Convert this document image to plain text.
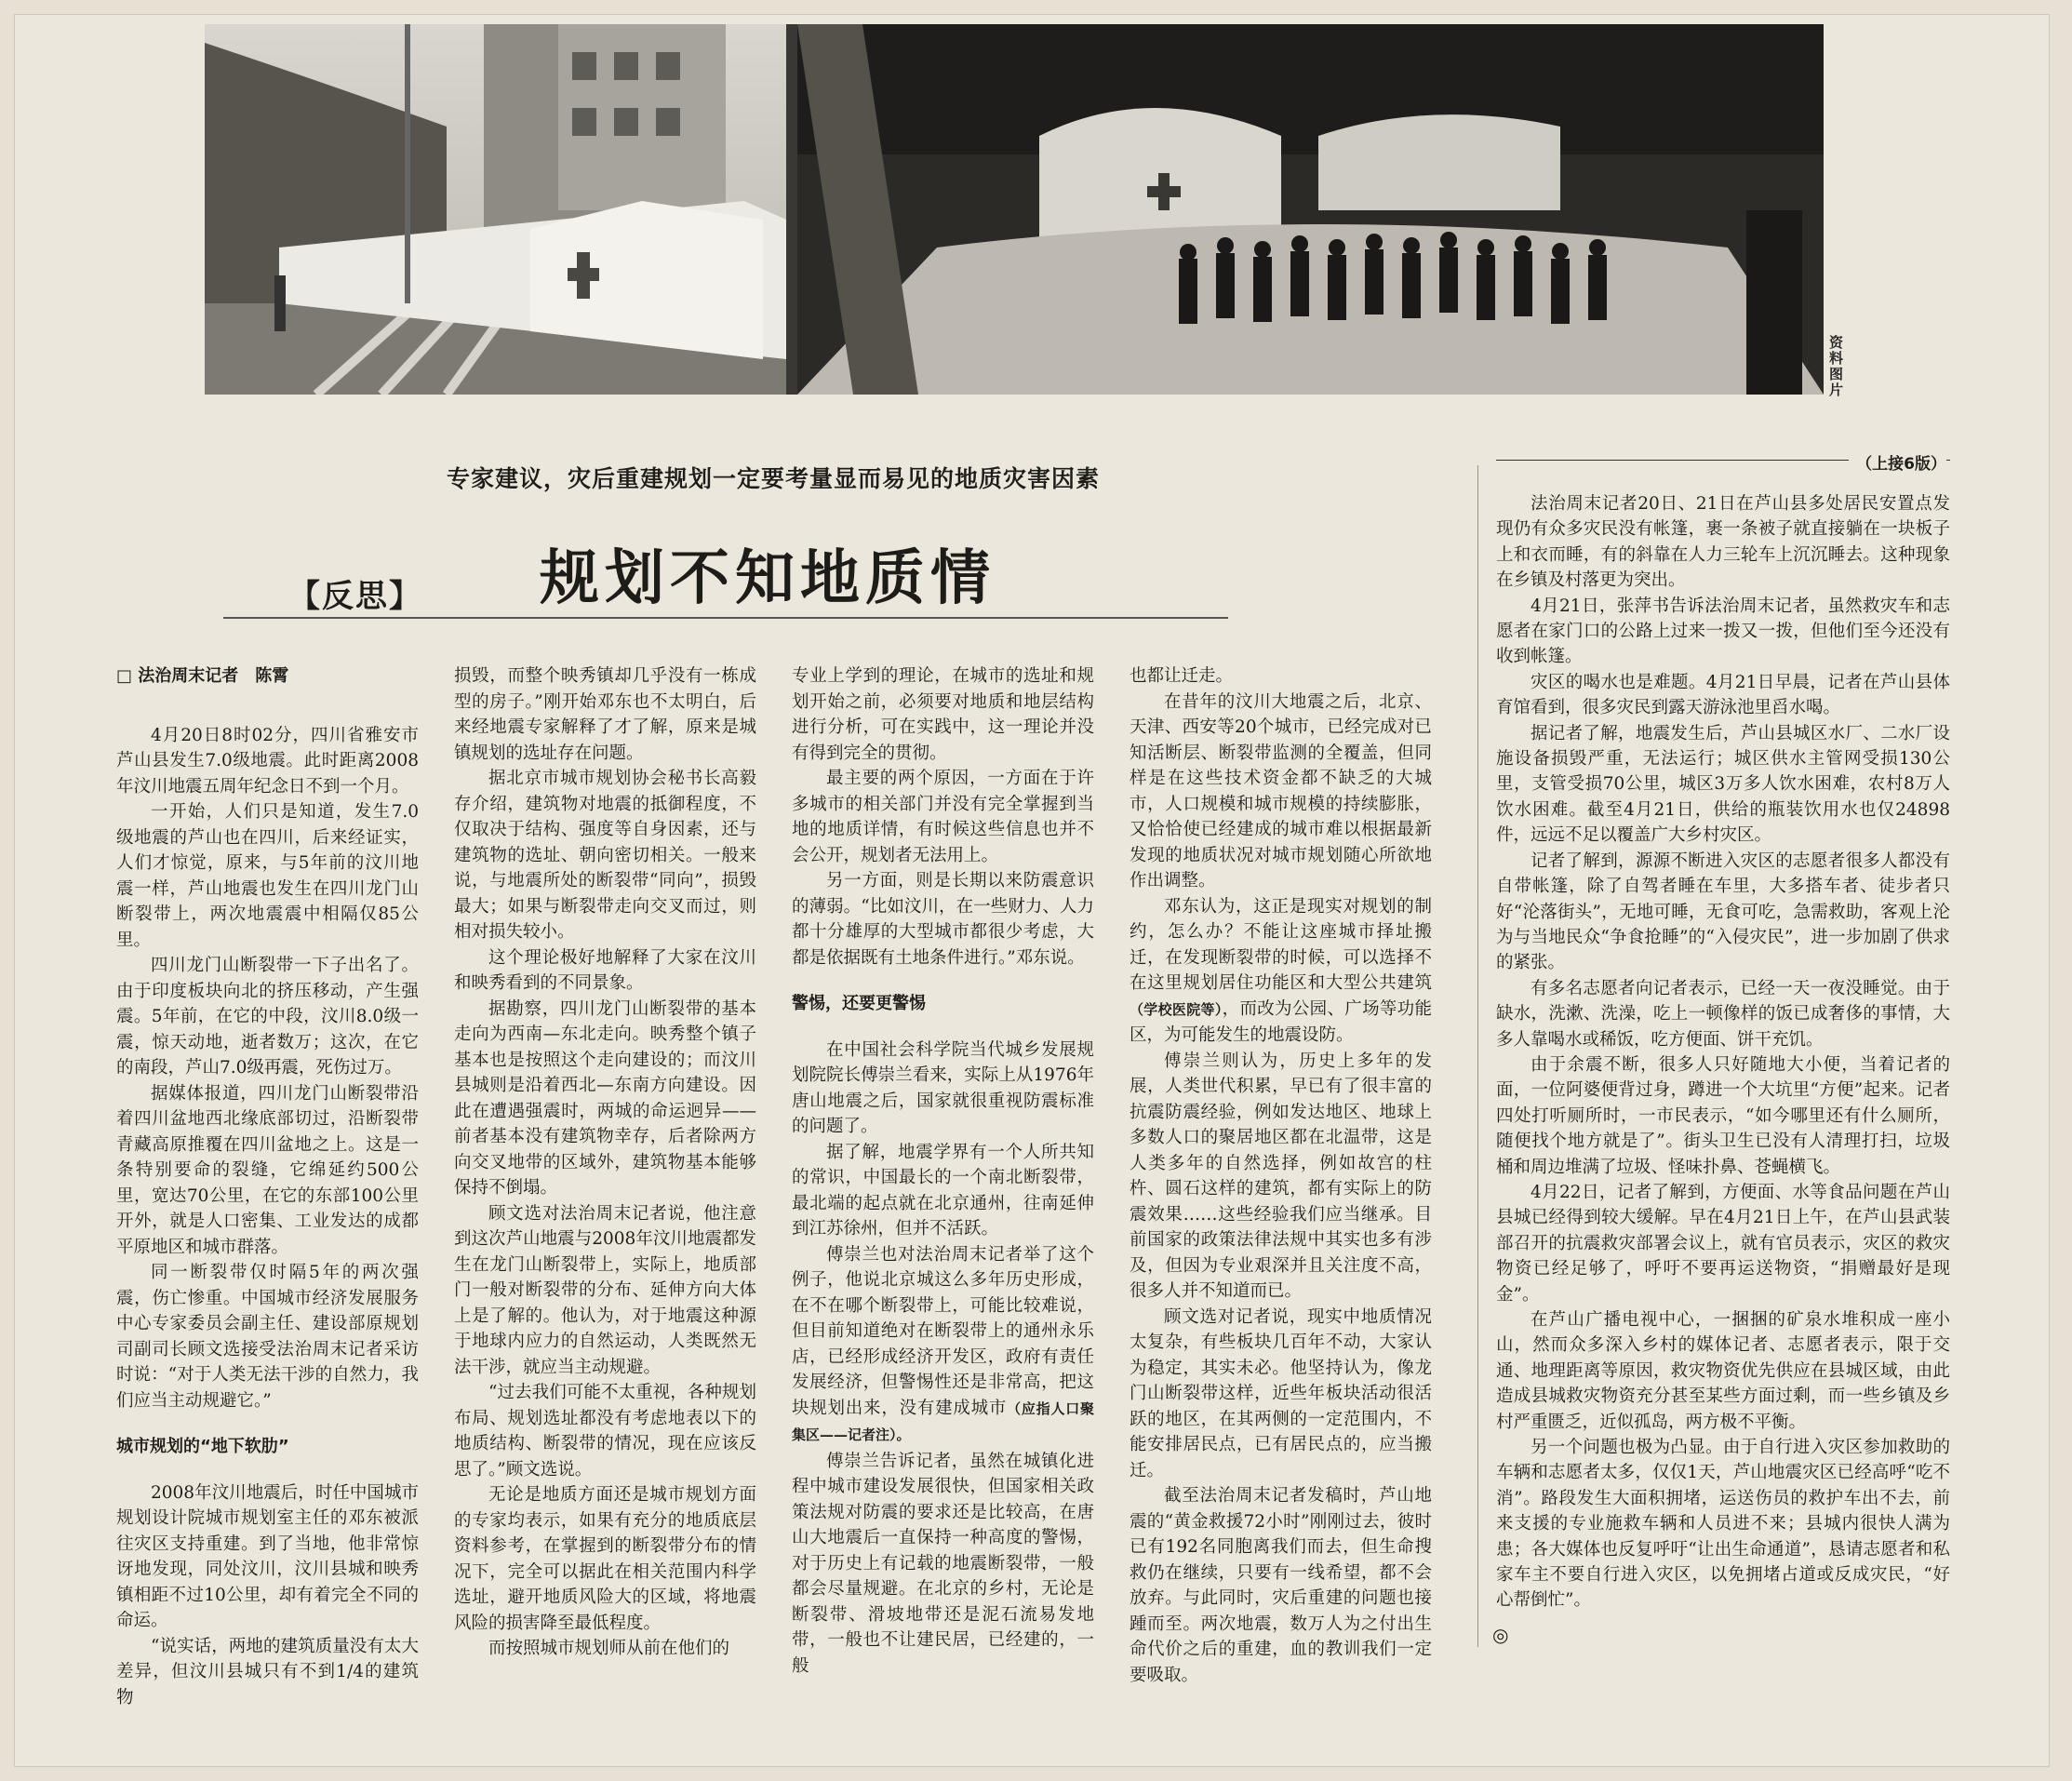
资料图片
专家建议，灾后重建规划一定要考量显而易见的地质灾害因素
【反思】 规划不知地质情

□ 法治周末记者　陈霄

4月20日8时02分，四川省雅安市芦山县发生7.0级地震。此时距离2008年汶川地震五周年纪念日不到一个月。

一开始，人们只是知道，发生7.0级地震的芦山也在四川，后来经证实，人们才惊觉，原来，与5年前的汶川地震一样，芦山地震也发生在四川龙门山断裂带上，两次地震震中相隔仅85公里。

四川龙门山断裂带一下子出名了。由于印度板块向北的挤压移动，产生强震。5年前，在它的中段，汶川8.0级一震，惊天动地，逝者数万；这次，在它的南段，芦山7.0级再震，死伤过万。

据媒体报道，四川龙门山断裂带沿着四川盆地西北缘底部切过，沿断裂带青藏高原推覆在四川盆地之上。这是一条特别要命的裂缝，它绵延约500公里，宽达70公里，在它的东部100公里开外，就是人口密集、工业发达的成都平原地区和城市群落。

同一断裂带仅时隔5年的两次强震，伤亡惨重。中国城市经济发展服务中心专家委员会副主任、建设部原规划司副司长顾文选接受法治周末记者采访时说：“对于人类无法干涉的自然力，我们应当主动规避它。”

城市规划的“地下软肋”

2008年汶川地震后，时任中国城市规划设计院城市规划室主任的邓东被派往灾区支持重建。到了当地，他非常惊讶地发现，同处汶川，汶川县城和映秀镇相距不过10公里，却有着完全不同的命运。

“说实话，两地的建筑质量没有太大差异，但汶川县城只有不到1/4的建筑物

损毁，而整个映秀镇却几乎没有一栋成型的房子。”刚开始邓东也不太明白，后来经地震专家解释了才了解，原来是城镇规划的选址存在问题。

据北京市城市规划协会秘书长高毅存介绍，建筑物对地震的抵御程度，不仅取决于结构、强度等自身因素，还与建筑物的选址、朝向密切相关。一般来说，与地震所处的断裂带“同向”，损毁最大；如果与断裂带走向交叉而过，则相对损失较小。

这个理论极好地解释了大家在汶川和映秀看到的不同景象。

据勘察，四川龙门山断裂带的基本走向为西南—东北走向。映秀整个镇子基本也是按照这个走向建设的；而汶川县城则是沿着西北—东南方向建设。因此在遭遇强震时，两城的命运迥异——前者基本没有建筑物幸存，后者除两方向交叉地带的区域外，建筑物基本能够保持不倒塌。

顾文选对法治周末记者说，他注意到这次芦山地震与2008年汶川地震都发生在龙门山断裂带上，实际上，地质部门一般对断裂带的分布、延伸方向大体上是了解的。他认为，对于地震这种源于地球内应力的自然运动，人类既然无法干涉，就应当主动规避。

“过去我们可能不太重视，各种规划布局、规划选址都没有考虑地表以下的地质结构、断裂带的情况，现在应该反思了。”顾文选说。

无论是地质方面还是城市规划方面的专家均表示，如果有充分的地质底层资料参考，在掌握到的断裂带分布的情况下，完全可以据此在相关范围内科学选址，避开地质风险大的区域，将地震风险的损害降至最低程度。

而按照城市规划师从前在他们的

专业上学到的理论，在城市的选址和规划开始之前，必须要对地质和地层结构进行分析，可在实践中，这一理论并没有得到完全的贯彻。

最主要的两个原因，一方面在于许多城市的相关部门并没有完全掌握到当地的地质详情，有时候这些信息也并不会公开，规划者无法用上。

另一方面，则是长期以来防震意识的薄弱。“比如汶川，在一些财力、人力都十分雄厚的大型城市都很少考虑，大都是依据既有土地条件进行。”邓东说。

警惕，还要更警惕

在中国社会科学院当代城乡发展规划院院长傅崇兰看来，实际上从1976年唐山地震之后，国家就很重视防震标准的问题了。

据了解，地震学界有一个人所共知的常识，中国最长的一个南北断裂带，最北端的起点就在北京通州，往南延伸到江苏徐州，但并不活跃。

傅崇兰也对法治周末记者举了这个例子，他说北京城这么多年历史形成，在不在哪个断裂带上，可能比较难说，但目前知道绝对在断裂带上的通州永乐店，已经形成经济开发区，政府有责任发展经济，但警惕性还是非常高，把这块规划出来，没有建成城市（应指人口聚集区——记者注）。

傅崇兰告诉记者，虽然在城镇化进程中城市建设发展很快，但国家相关政策法规对防震的要求还是比较高，在唐山大地震后一直保持一种高度的警惕，对于历史上有记载的地震断裂带，一般都会尽量规避。在北京的乡村，无论是断裂带、滑坡地带还是泥石流易发地带，一般也不让建民居，已经建的，一般

也都让迁走。

在昔年的汶川大地震之后，北京、天津、西安等20个城市，已经完成对已知活断层、断裂带监测的全覆盖，但同样是在这些技术资金都不缺乏的大城市，人口规模和城市规模的持续膨胀，又恰恰使已经建成的城市难以根据最新发现的地质状况对城市规划随心所欲地作出调整。

邓东认为，这正是现实对规划的制约，怎么办？不能让这座城市择址搬迁，在发现断裂带的时候，可以选择不在这里规划居住功能区和大型公共建筑（学校医院等），而改为公园、广场等功能区，为可能发生的地震设防。

傅崇兰则认为，历史上多年的发展，人类世代积累，早已有了很丰富的抗震防震经验，例如发达地区、地球上多数人口的聚居地区都在北温带，这是人类多年的自然选择，例如故宫的柱杵、圆石这样的建筑，都有实际上的防震效果……这些经验我们应当继承。目前国家的政策法律法规中其实也多有涉及，但因为专业艰深并且关注度不高，很多人并不知道而已。

顾文选对记者说，现实中地质情况太复杂，有些板块几百年不动，大家认为稳定，其实未必。他坚持认为，像龙门山断裂带这样，近些年板块活动很活跃的地区，在其两侧的一定范围内，不能安排居民点，已有居民点的，应当搬迁。

截至法治周末记者发稿时，芦山地震的“黄金救援72小时”刚刚过去，彼时已有192名同胞离我们而去，但生命搜救仍在继续，只要有一线希望，都不会放弃。与此同时，灾后重建的问题也接踵而至。两次地震，数万人为之付出生命代价之后的重建，血的教训我们一定要吸取。

（上接6版）

法治周末记者20日、21日在芦山县多处居民安置点发现仍有众多灾民没有帐篷，裹一条被子就直接躺在一块板子上和衣而睡，有的斜靠在人力三轮车上沉沉睡去。这种现象在乡镇及村落更为突出。

4月21日，张萍书告诉法治周末记者，虽然救灾车和志愿者在家门口的公路上过来一拨又一拨，但他们至今还没有收到帐篷。

灾区的喝水也是难题。4月21日早晨，记者在芦山县体育馆看到，很多灾民到露天游泳池里舀水喝。

据记者了解，地震发生后，芦山县城区水厂、二水厂设施设备损毁严重，无法运行；城区供水主管网受损130公里，支管受损70公里，城区3万多人饮水困难，农村8万人饮水困难。截至4月21日，供给的瓶装饮用水也仅24898件，远远不足以覆盖广大乡村灾区。

记者了解到，源源不断进入灾区的志愿者很多人都没有自带帐篷，除了自驾者睡在车里，大多搭车者、徒步者只好“沦落街头”，无地可睡，无食可吃，急需救助，客观上沦为与当地民众“争食抢睡”的“入侵灾民”，进一步加剧了供求的紧张。

有多名志愿者向记者表示，已经一天一夜没睡觉。由于缺水，洗漱、洗澡，吃上一顿像样的饭已成奢侈的事情，大多人靠喝水或稀饭，吃方便面、饼干充饥。

由于余震不断，很多人只好随地大小便，当着记者的面，一位阿婆便背过身，蹲进一个大坑里“方便”起来。记者四处打听厕所时，一市民表示，“如今哪里还有什么厕所，随便找个地方就是了”。街头卫生已没有人清理打扫，垃圾桶和周边堆满了垃圾、怪味扑鼻、苍蝇横飞。

4月22日，记者了解到，方便面、水等食品问题在芦山县城已经得到较大缓解。早在4月21日上午，在芦山县武装部召开的抗震救灾部署会议上，就有官员表示，灾区的救灾物资已经足够了，呼吁不要再运送物资，“捐赠最好是现金”。

在芦山广播电视中心，一捆捆的矿泉水堆积成一座小山，然而众多深入乡村的媒体记者、志愿者表示，限于交通、地理距离等原因，救灾物资优先供应在县城区域，由此造成县城救灾物资充分甚至某些方面过剩，而一些乡镇及乡村严重匮乏，近似孤岛，两方极不平衡。

另一个问题也极为凸显。由于自行进入灾区参加救助的车辆和志愿者太多，仅仅1天，芦山地震灾区已经高呼“吃不消”。路段发生大面积拥堵，运送伤员的救护车出不去，前来支援的专业施救车辆和人员进不来；县城内很快人满为患；各大媒体也反复呼吁“让出生命通道”，恳请志愿者和私家车主不要自行进入灾区，以免拥堵占道或反成灾民，“好心帮倒忙”。

◎
